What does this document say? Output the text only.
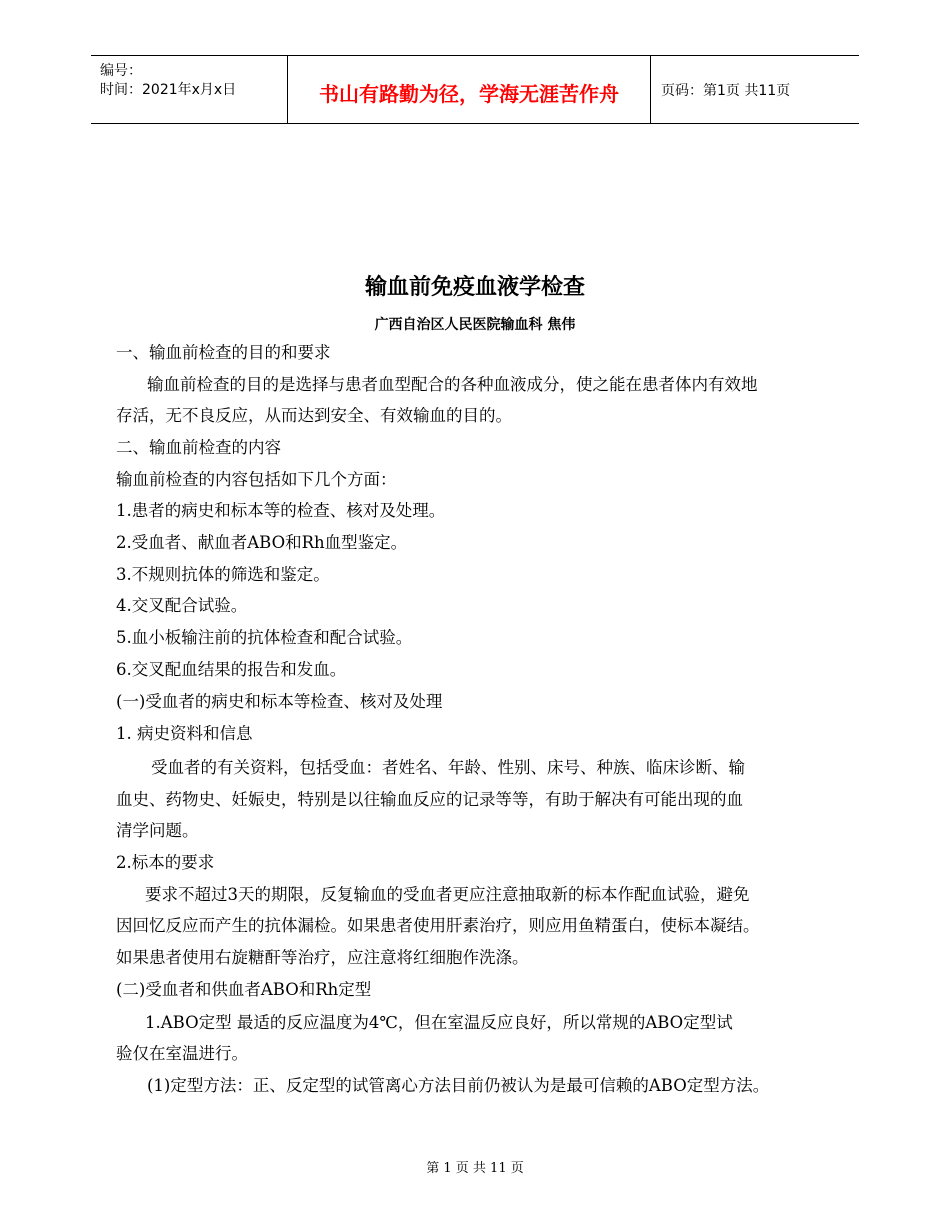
编号：
时间：2021年x月x日	书山有路勤为径，学海无涯苦作舟	页码：第1页 共11页
输血前免疫血液学检查
广西自治区人民医院输血科 焦伟
一、输血前检查的目的和要求
输血前检查的目的是选择与患者血型配合的各种血液成分，使之能在患者体内有效地
存活，无不良反应，从而达到安全、有效输血的目的。
二、输血前检查的内容
输血前检查的内容包括如下几个方面：
1.患者的病史和标本等的检查、核对及处理。
2.受血者、献血者ABO和Rh血型鉴定。
3.不规则抗体的筛选和鉴定。
4.交叉配合试验。
5.血小板输注前的抗体检查和配合试验。
6.交叉配血结果的报告和发血。
(一)受血者的病史和标本等检查、核对及处理
1. 病史资料和信息
受血者的有关资料，包括受血：者姓名、年龄、性别、床号、种族、临床诊断、输
血史、药物史、妊娠史，特别是以往输血反应的记录等等，有助于解决有可能出现的血
清学问题。
2.标本的要求
要求不超过3天的期限，反复输血的受血者更应注意抽取新的标本作配血试验，避免
因回忆反应而产生的抗体漏检。如果患者使用肝素治疗，则应用鱼精蛋白，使标本凝结。
如果患者使用右旋糖酐等治疗，应注意将红细胞作洗涤。
(二)受血者和供血者ABO和Rh定型
1.ABO定型 最适的反应温度为4℃，但在室温反应良好，所以常规的ABO定型试
验仅在室温进行。
(1)定型方法：正、反定型的试管离心方法目前仍被认为是最可信赖的ABO定型方法。
第 1 页 共 11 页
